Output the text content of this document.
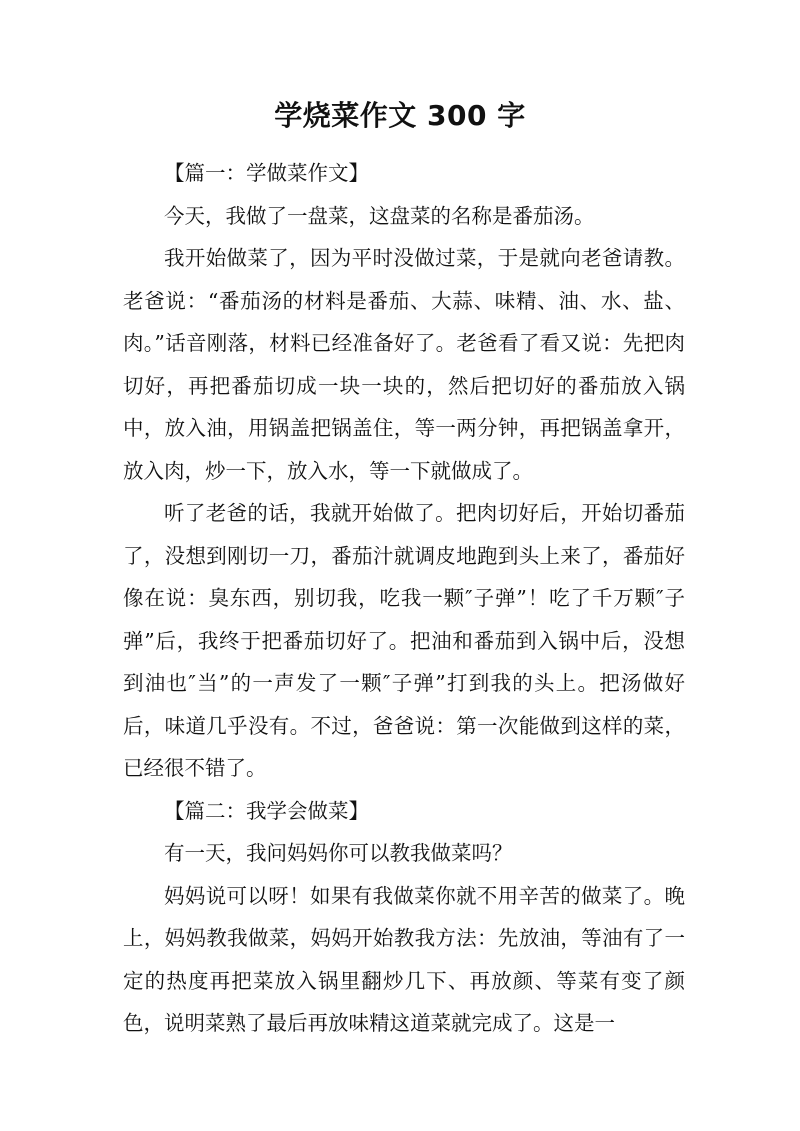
学烧菜作文 300 字

【篇一：学做菜作文】

今天，我做了一盘菜，这盘菜的名称是番茄汤。

我开始做菜了，因为平时没做过菜，于是就向老爸请教。老爸说：“番茄汤的材料是番茄、大蒜、味精、油、水、盐、肉。”话音刚落，材料已经准备好了。老爸看了看又说：先把肉切好，再把番茄切成一块一块的，然后把切好的番茄放入锅中，放入油，用锅盖把锅盖住，等一两分钟，再把锅盖拿开，放入肉，炒一下，放入水，等一下就做成了。

听了老爸的话，我就开始做了。把肉切好后，开始切番茄了，没想到刚切一刀，番茄汁就调皮地跑到头上来了，番茄好像在说：臭东西，别切我，吃我一颗″子弹”！吃了千万颗″子弹”后，我终于把番茄切好了。把油和番茄到入锅中后，没想到油也″当”的一声发了一颗″子弹”打到我的头上。把汤做好后，味道几乎没有。不过，爸爸说：第一次能做到这样的菜，已经很不错了。

【篇二：我学会做菜】

有一天，我问妈妈你可以教我做菜吗？

妈妈说可以呀！如果有我做菜你就不用辛苦的做菜了。晚上，妈妈教我做菜，妈妈开始教我方法：先放油，等油有了一定的热度再把菜放入锅里翻炒几下、再放颜、等菜有变了颜色，说明菜熟了最后再放味精这道菜就完成了。这是一
